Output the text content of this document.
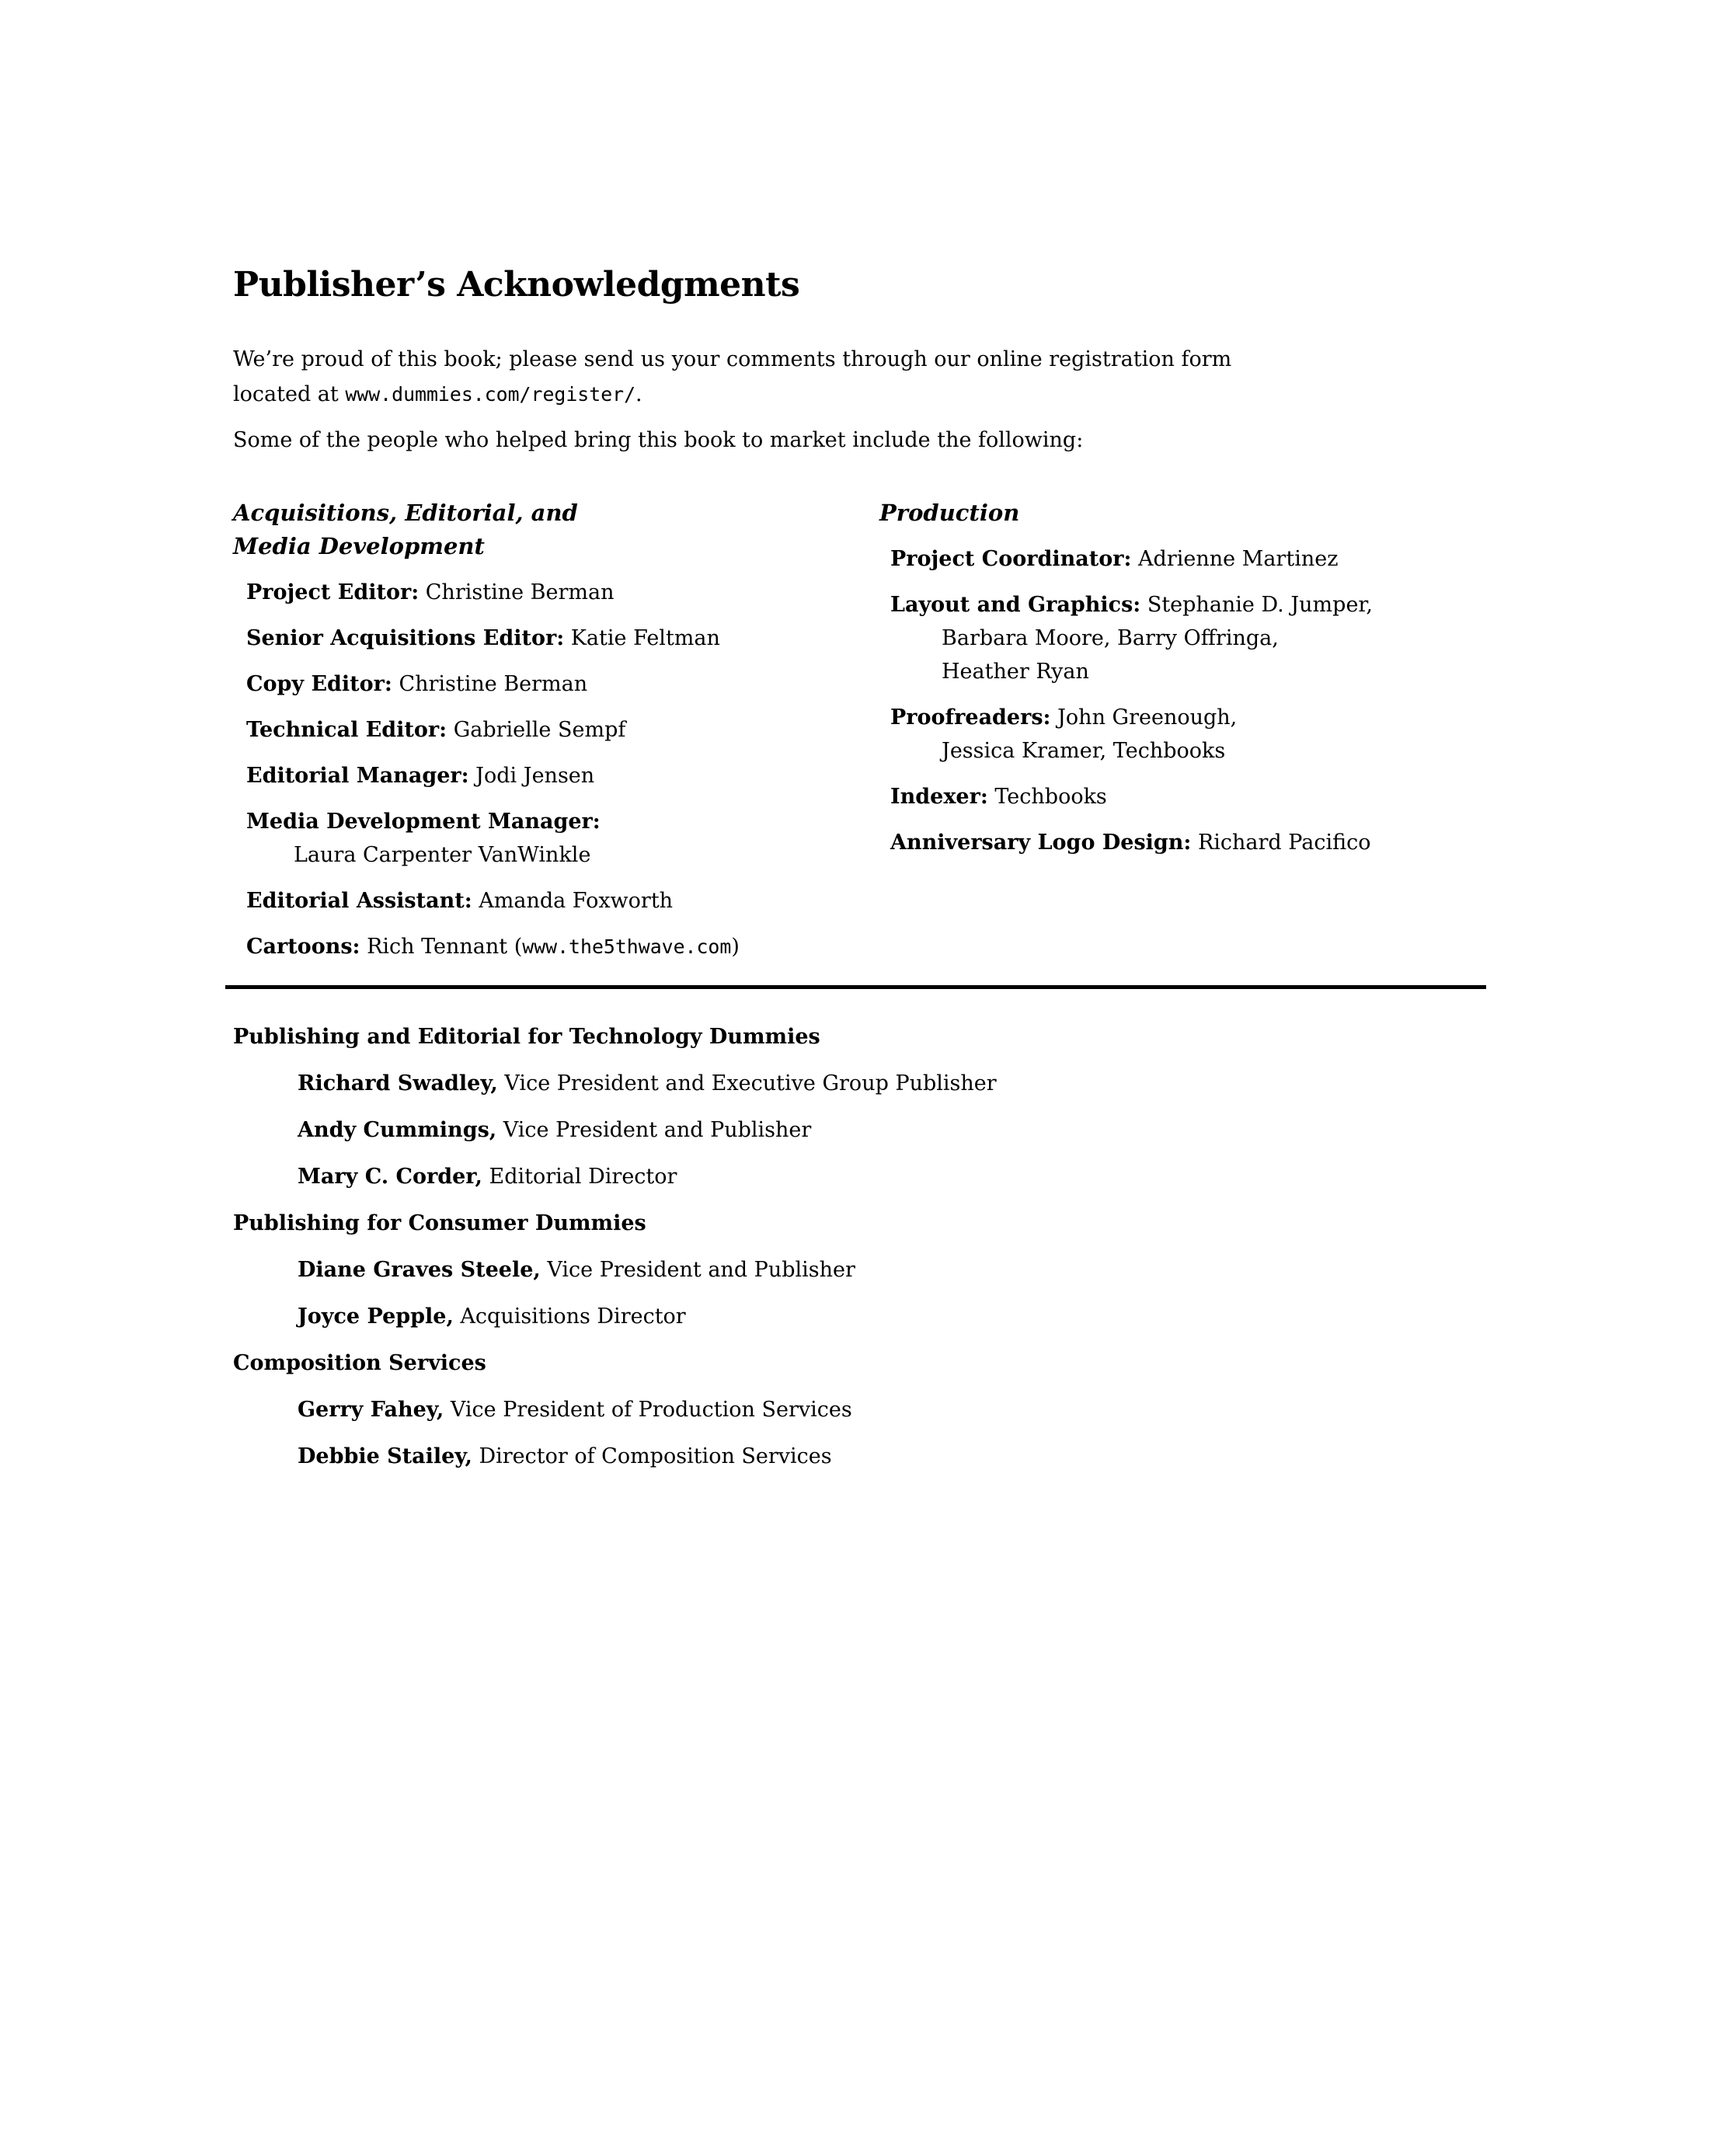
Publisher’s Acknowledgments

We’re proud of this book; please send us your comments through our online registration form
located at www.dummies.com/register/.

Some of the people who helped bring this book to market include the following:

Acquisitions, Editorial, and
Media Development
Project Editor: Christine Berman
Senior Acquisitions Editor: Katie Feltman
Copy Editor: Christine Berman
Technical Editor: Gabrielle Sempf
Editorial Manager: Jodi Jensen
Media Development Manager:
Laura Carpenter VanWinkle
Editorial Assistant: Amanda Foxworth
Cartoons: Rich Tennant (www.the5thwave.com)
Production
Project Coordinator: Adrienne Martinez
Layout and Graphics: Stephanie D. Jumper,
Barbara Moore, Barry Offringa,
Heather Ryan
Proofreaders: John Greenough,
Jessica Kramer, Techbooks
Indexer: Techbooks
Anniversary Logo Design: Richard Pacifico
Publishing and Editorial for Technology Dummies
Richard Swadley, Vice President and Executive Group Publisher
Andy Cummings, Vice President and Publisher
Mary C. Corder, Editorial Director
Publishing for Consumer Dummies
Diane Graves Steele, Vice President and Publisher
Joyce Pepple, Acquisitions Director
Composition Services
Gerry Fahey, Vice President of Production Services
Debbie Stailey, Director of Composition Services
